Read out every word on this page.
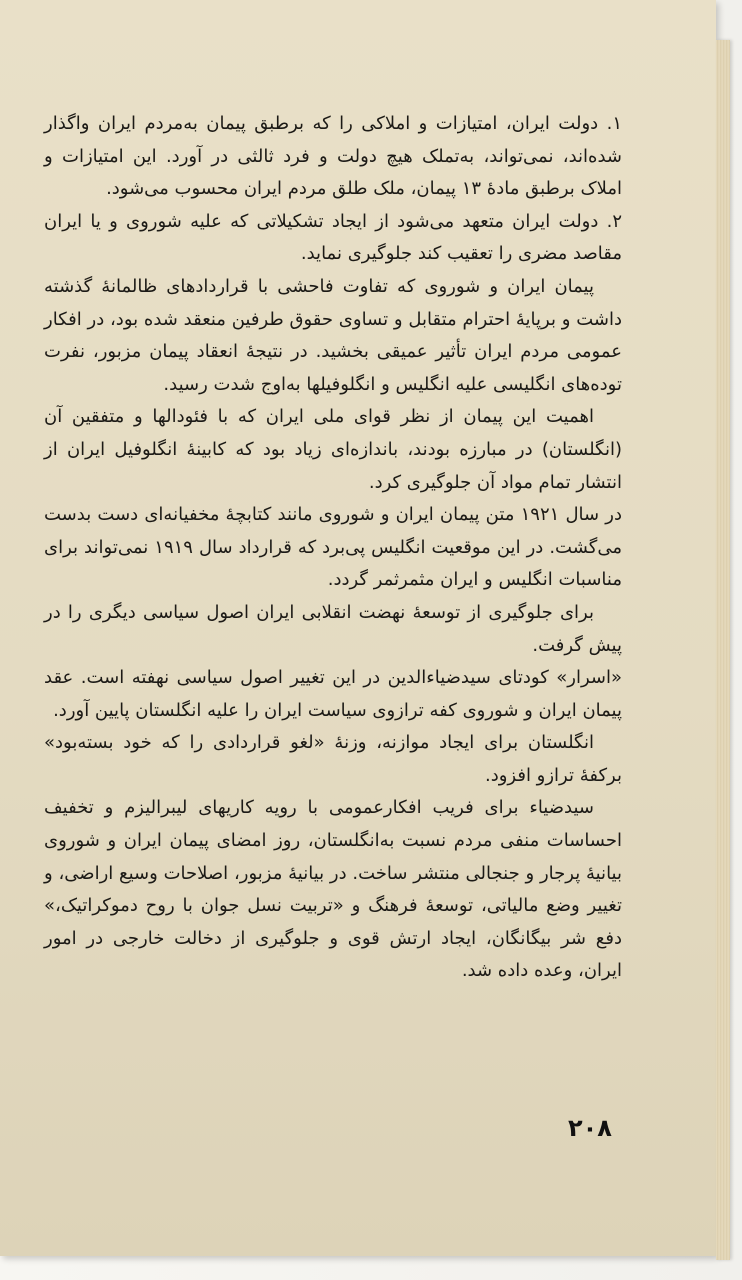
۱. دولت ایران، امتیازات و املاکی را که برطبق پیمان به‌مردم ایران واگذار شده‌اند، نمی‌تواند، به‌تملک هیچ دولت و فرد ثالثی در آورد. این امتیازات و املاک برطبق مادهٔ ۱۳ پیمان، ملک طلق مردم ایران محسوب می‌شود.

۲. دولت ایران متعهد می‌شود از ایجاد تشکیلاتی که علیه شوروی و یا ایران مقاصد مضری را تعقیب کند جلوگیری نماید.

پیمان ایران و شوروی که تفاوت فاحشی با قراردادهای ظالمانهٔ گذشته داشت و برپایهٔ احترام متقابل و تساوی حقوق طرفین منعقد شده بود، در افکار عمومی مردم ایران تأثیر عمیقی بخشید. در نتیجهٔ انعقاد پیمان مزبور، نفرت توده‌های انگلیسی علیه انگلیس و انگلوفیلها به‌اوج شدت رسید.

اهمیت این پیمان از نظر قوای ملی ایران که با فئودالها و متفقین آن (انگلستان) در مبارزه بودند، باندازه‌ای زیاد بود که کابینهٔ انگلوفیل ایران از انتشار تمام مواد آن جلوگیری کرد.

در سال ۱۹۲۱ متن پیمان ایران و شوروی مانند کتابچهٔ مخفیانه‌ای دست بدست می‌گشت. در این موقعیت انگلیس پی‌برد که قرارداد سال ۱۹۱۹ نمی‌تواند برای مناسبات انگلیس و ایران مثمرثمر گردد.

برای جلوگیری از توسعهٔ نهضت انقلابی ایران اصول سیاسی دیگری را در پیش گرفت.

«اسرار» کودتای سیدضیاءالدین در این تغییر اصول سیاسی نهفته است. عقد پیمان ایران و شوروی کفه ترازوی سیاست ایران را علیه انگلستان پایین آورد.

انگلستان برای ایجاد موازنه، وزنهٔ «لغو قراردادی را که خود بسته‌بود» برکفهٔ ترازو افزود.

سیدضیاء برای فریب افکارعمومی با رویه کاریهای لیبرالیزم و تخفیف احساسات منفی مردم نسبت به‌انگلستان، روز امضای پیمان ایران و شوروی بیانیهٔ پرجار و جنجالی منتشر ساخت. در بیانیهٔ مزبور، اصلاحات وسیع اراضی، و تغییر وضع مالیاتی، توسعهٔ فرهنگ و «تربیت نسل جوان با روح دموکراتیک،» دفع شر بیگانگان، ایجاد ارتش قوی و جلوگیری از دخالت خارجی در امور ایران، وعده داده شد.

۲۰۸
